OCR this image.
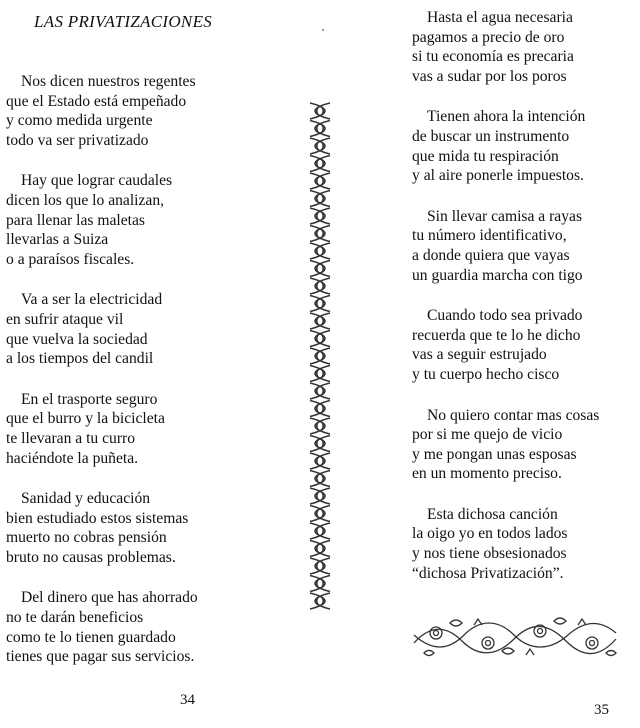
LAS PRIVATIZACIONES
Nos dicen nuestros regentes
que el Estado está empeñado
y como medida urgente
todo va ser privatizado
Hay que lograr caudales
dicen los que lo analizan,
para llenar las maletas
llevarlas a Suiza
o a paraísos fiscales.
Va a ser la electricidad
en sufrir ataque vil
que vuelva la sociedad
a los tiempos del candil
En el trasporte seguro
que el burro y la bicicleta
te llevaran a tu curro
haciéndote la puñeta.
Sanidad y educación
bien estudiado estos sistemas
muerto no cobras pensión
bruto no causas problemas.
Del dinero que has ahorrado
no te darán beneficios
como te lo tienen guardado
tienes que pagar sus servicios.
Hasta el agua necesaria
pagamos a precio de oro
si tu economía es precaria
vas a sudar por los poros
Tienen ahora la intención
de buscar un instrumento
que mida tu respiración
y al aire ponerle impuestos.
Sin llevar camisa a rayas
tu número identificativo,
a donde quiera que vayas
un guardia marcha con tigo
Cuando todo sea privado
recuerda que te lo he dicho
vas a seguir estrujado
y tu cuerpo hecho cisco
No quiero contar mas cosas
por si me quejo de vicio
y me pongan unas esposas
en un momento preciso.
Esta dichosa canción
la oigo yo en todos lados
y nos tiene obsesionados
“dichosa Privatización”.
34
35
